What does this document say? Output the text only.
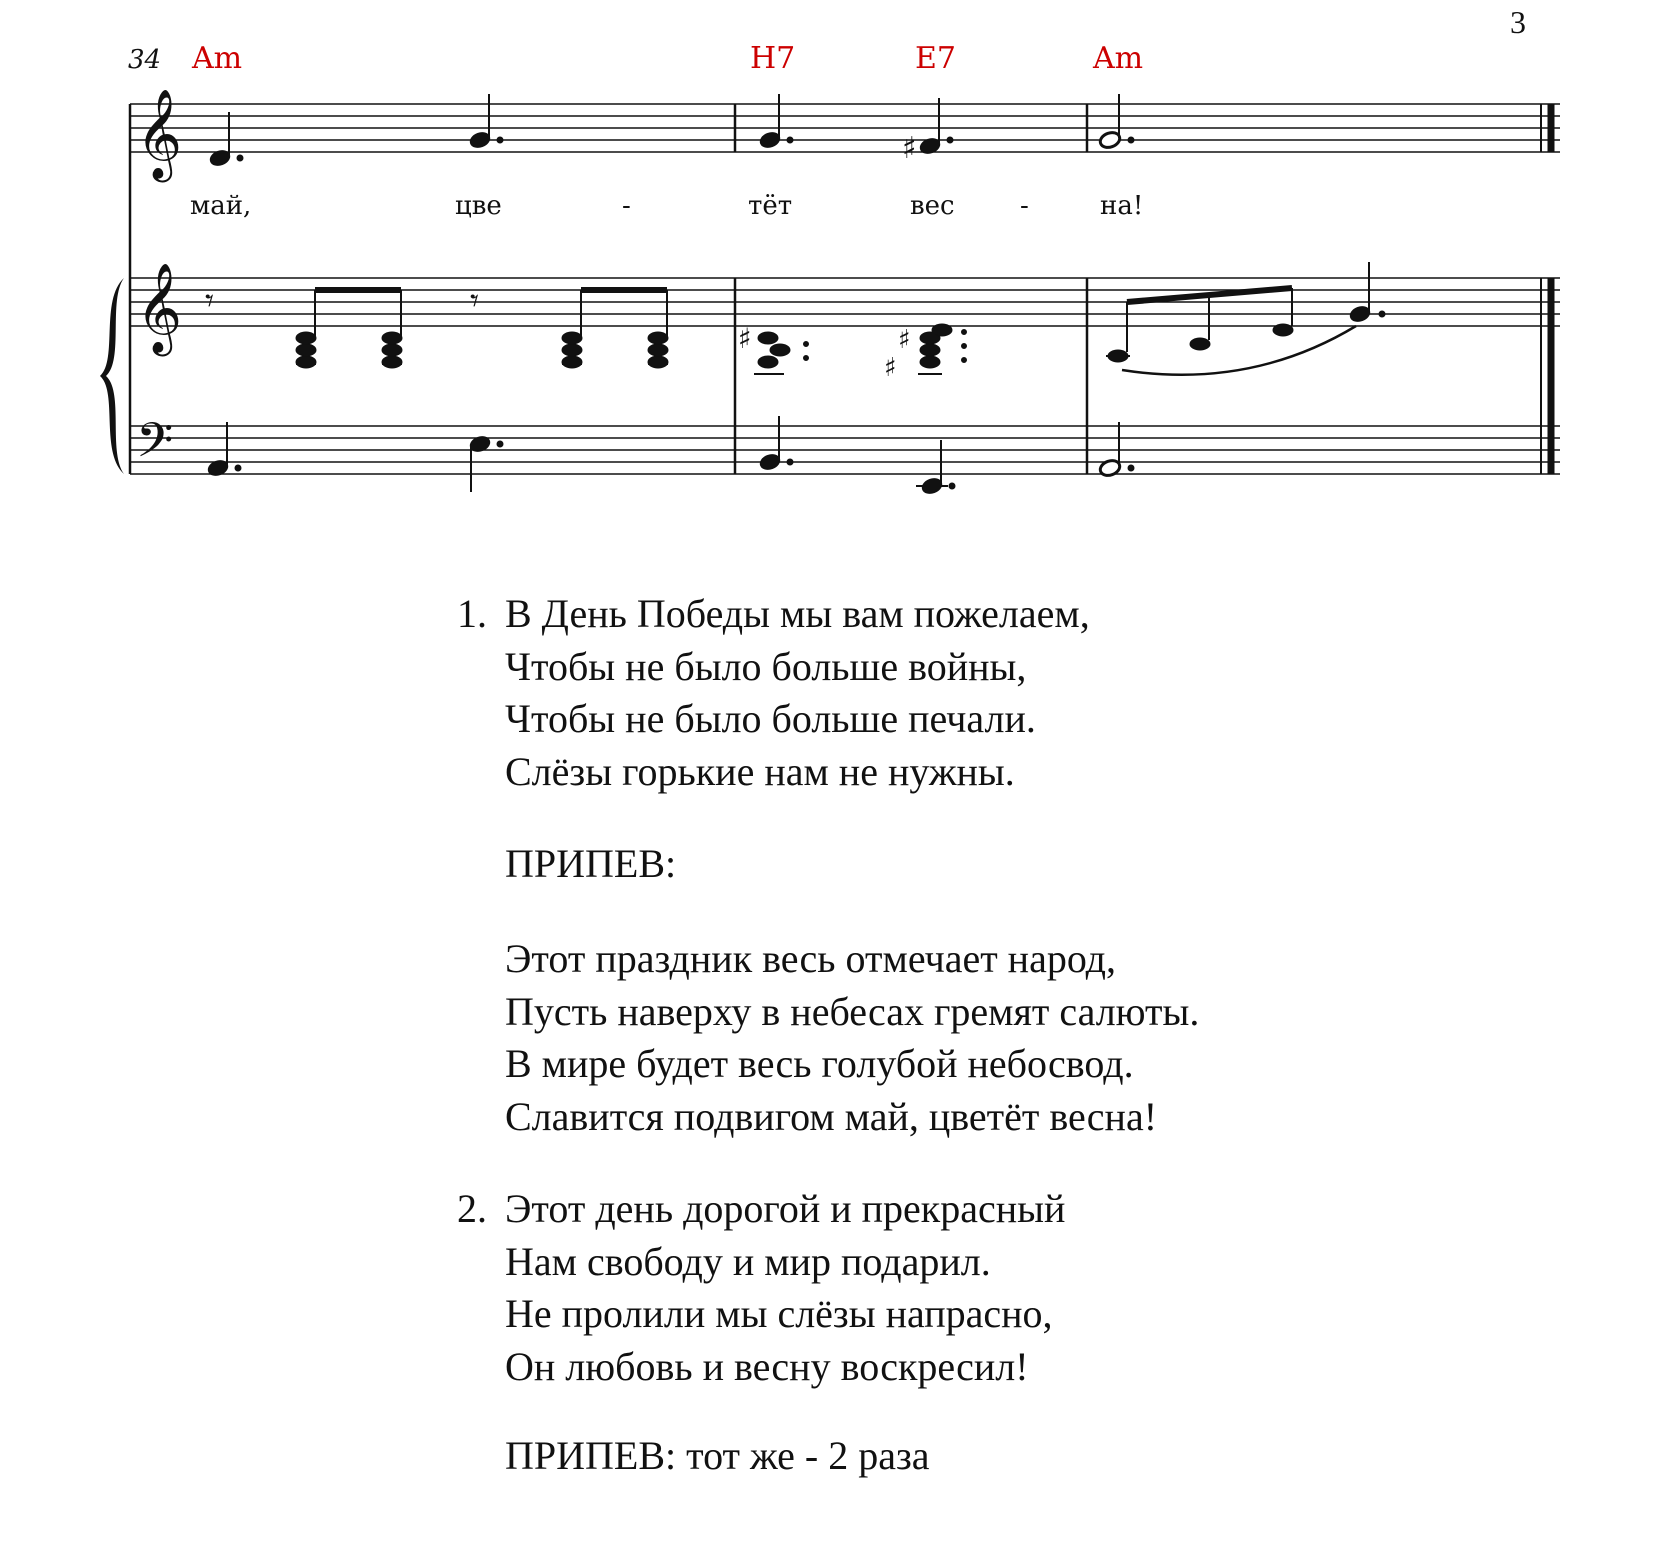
3
34 Am	H7	E7	Am
𝄞	♯
май,	цве	-	тёт	вес	-	на!
𝄞
𝄢
𝄾	𝄾
♯	♯
♯
1. В День Победы мы вам пожелаем,
Чтобы не было больше войны,
Чтобы не было больше печали.
Слёзы горькие нам не нужны.
ПРИПЕВ:
Этот праздник весь отмечает народ,
Пусть наверху в небесах гремят салюты.
В мире будет весь голубой небосвод.
Славится подвигом май, цветёт весна!
2. Этот день дорогой и прекрасный
Нам свободу и мир подарил.
Не пролили мы слёзы напрасно,
Он любовь и весну воскресил!
ПРИПЕВ: тот же - 2 раза
